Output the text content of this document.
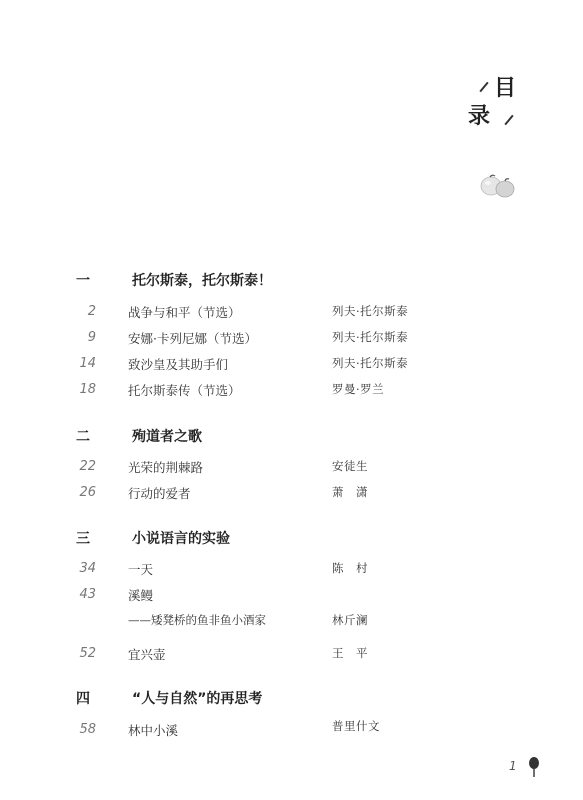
目
录
一	托尔斯泰，托尔斯泰！
2	战争与和平（节选）	列夫·托尔斯泰
9	安娜·卡列尼娜（节选）	列夫·托尔斯泰
14	致沙皇及其助手们	列夫·托尔斯泰
18	托尔斯泰传（节选）	罗曼·罗兰
二	殉道者之歌
22	光荣的荆棘路	安徒生
26	行动的爱者	萧　潇
三	小说语言的实验
34	一天	陈　村
43	溪鳗
——矮凳桥的鱼非鱼小酒家	林斤澜
52	宜兴壶	王　平
四	“人与自然”的再思考
58	林中小溪	普里什文
1
